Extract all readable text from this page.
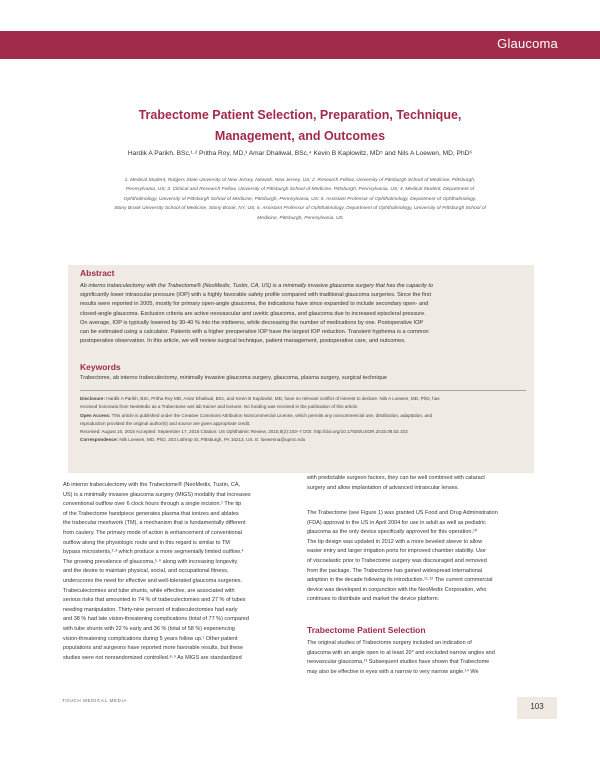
Glaucoma
Trabectome Patient Selection, Preparation, Technique,
Management, and Outcomes
Hardik A Parikh, BSc,¹·² Pritha Roy, MD,³ Amar Dhaliwal, BSc,⁴ Kevin B Kaplowitz, MD⁵ and Nils A Loewen, MD, PhD⁶
1. Medical Student, Rutgers State University of New Jersey, Newark, New Jersey, US; 2. Research Fellow, University of Pittsburgh School of Medicine, Pittsburgh,
Pennsylvania, US; 3. Clinical and Research Fellow, University of Pittsburgh School of Medicine, Pittsburgh, Pennsylvania, US; 4. Medical Student, Department of
Ophthalmology, University of Pittsburgh School of Medicine, Pittsburgh, Pennsylvania, US; 5. Assistant Professor of Ophthalmology, Department of Ophthalmology,
Stony Brook University School of Medicine, Stony Brook, NY, US; 6. Assistant Professor of Ophthalmology, Department of Ophthalmology, University of Pittsburgh School of
Medicine, Pittsburgh, Pennsylvania, US
Abstract
Ab interno trabeculectomy with the Trabectome® (NeoMedix, Tustin, CA, US) is a minimally invasive glaucoma surgery that has the capacity to
significantly lower intraocular pressure (IOP) with a highly favorable safety profile compared with traditional glaucoma surgeries. Since the first
results were reported in 2005, mostly for primary open-angle glaucoma, the indications have since expanded to include secondary open- and
closed-angle glaucoma. Exclusion criteria are active neovascular and uveitic glaucoma, and glaucoma due to increased episcleral pressure.
On average, IOP is typically lowered by 30-40 % into the midteens, while decreasing the number of medications by one. Postoperative IOP
can be estimated using a calculator. Patients with a higher preoperative IOP have the largest IOP reduction. Transient hyphema is a common
postoperative observation. In this article, we will review surgical technique, patient management, postoperative care, and outcomes.
Keywords
Trabectome, ab interno trabeculectomy, minimally invasive glaucoma surgery, glaucoma, plasma surgery, surgical technique
Disclosure: Hardik A Parikh, BSc, Pritha Roy MD, Amar Dhaliwal, BSc, and Kevin B Kaplowitz, MD, have no relevant conflict of interest to declare. Nils A Loewen, MD, PhD, has
received honoraria from NeoMedix as a Trabectome wet lab trainer and lecturer. No funding was received in the publication of this article.
Open Access: This article is published under the Creative Commons Attribution Noncommercial License, which permits any noncommercial use, distribution, adaptation, and
reproduction provided the original author(s) and source are given appropriate credit.
Received: August 10, 2015 Accepted: September 17, 2015 Citation: US Ophthalmic Review, 2015;8(2):103–7 DOI: http://doi.org/10.17925/USOR.2015.08.02.103
Correspondence: Nils Loewen, MD, PhD, 203 Lothrop St, Pittsburgh, PA 15213, US. E: loewenna@upmc.edu
Ab interno trabeculectomy with the Trabectome® (NeoMedix, Tustin, CA,
US) is a minimally invasive glaucoma surgery (MIGS) modality that increases
conventional outflow over 6 clock hours through a single incision.¹ The tip
of the Trabectome handpiece generates plasma that ionizes and ablates
the trabecular meshwork (TM), a mechanism that is fundamentally different
from cautery. The primary mode of action is enhancement of conventional
outflow along the physiologic route and in this regard is similar to TM
bypass microstents,²·³ which produce a more segmentally limited outflow.⁴
The growing prevalence of glaucoma,⁵·⁶ along with increasing longevity
and the desire to maintain physical, social, and occupational fitness,
underscores the need for effective and well-tolerated glaucoma surgeries.
Trabeculectomies and tube shunts, while effective, are associated with
serious risks that amounted to 74 % of trabeculectomies and 27 % of tubes
needing manipulation. Thirty-nine percent of trabeculectomies had early
and 38 % had late vision-threatening complications (total of 77 %) compared
with tube shunts with 22 % early and 36 % (total of 58 %) experiencing
vision-threatening complications during 5 years follow up.¹ Other patient
populations and surgeons have reported more favorable results, but these
studies were not nonrandomized controlled.⁸·⁹ As MIGS are standardized
with predictable surgeon factors, they can be well combined with cataract
surgery and allow implantation of advanced intraocular lenses.
The Trabectome (see Figure 1) was granted US Food and Drug Administration
(FDA) approval in the US in April 2004 for use in adult as well as pediatric
glaucoma as the only device specifically approved for this operation.¹⁰
The tip design was updated in 2012 with a more beveled sleeve to allow
easier entry and larger irrigation ports for improved chamber stability. Use
of viscoelastic prior to Trabectome surgery was discouraged and removed
from the package. The Trabectome has gained widespread international
adoption in the decade following its introduction.¹¹·¹² The current commercial
device was developed in conjunction with the NeoMedix Corporation, who
continues to distribute and market the device platform.
Trabectome Patient Selection
The original studies of Trabectome surgery included an indication of
glaucoma with an angle open to at least 20° and excluded narrow angles and
neovascular glaucoma.¹³ Subsequent studies have shown that Trabectome
may also be effective in eyes with a narrow to very narrow angle.¹⁴ We
TOUCH MEDICAL MEDIA
103
